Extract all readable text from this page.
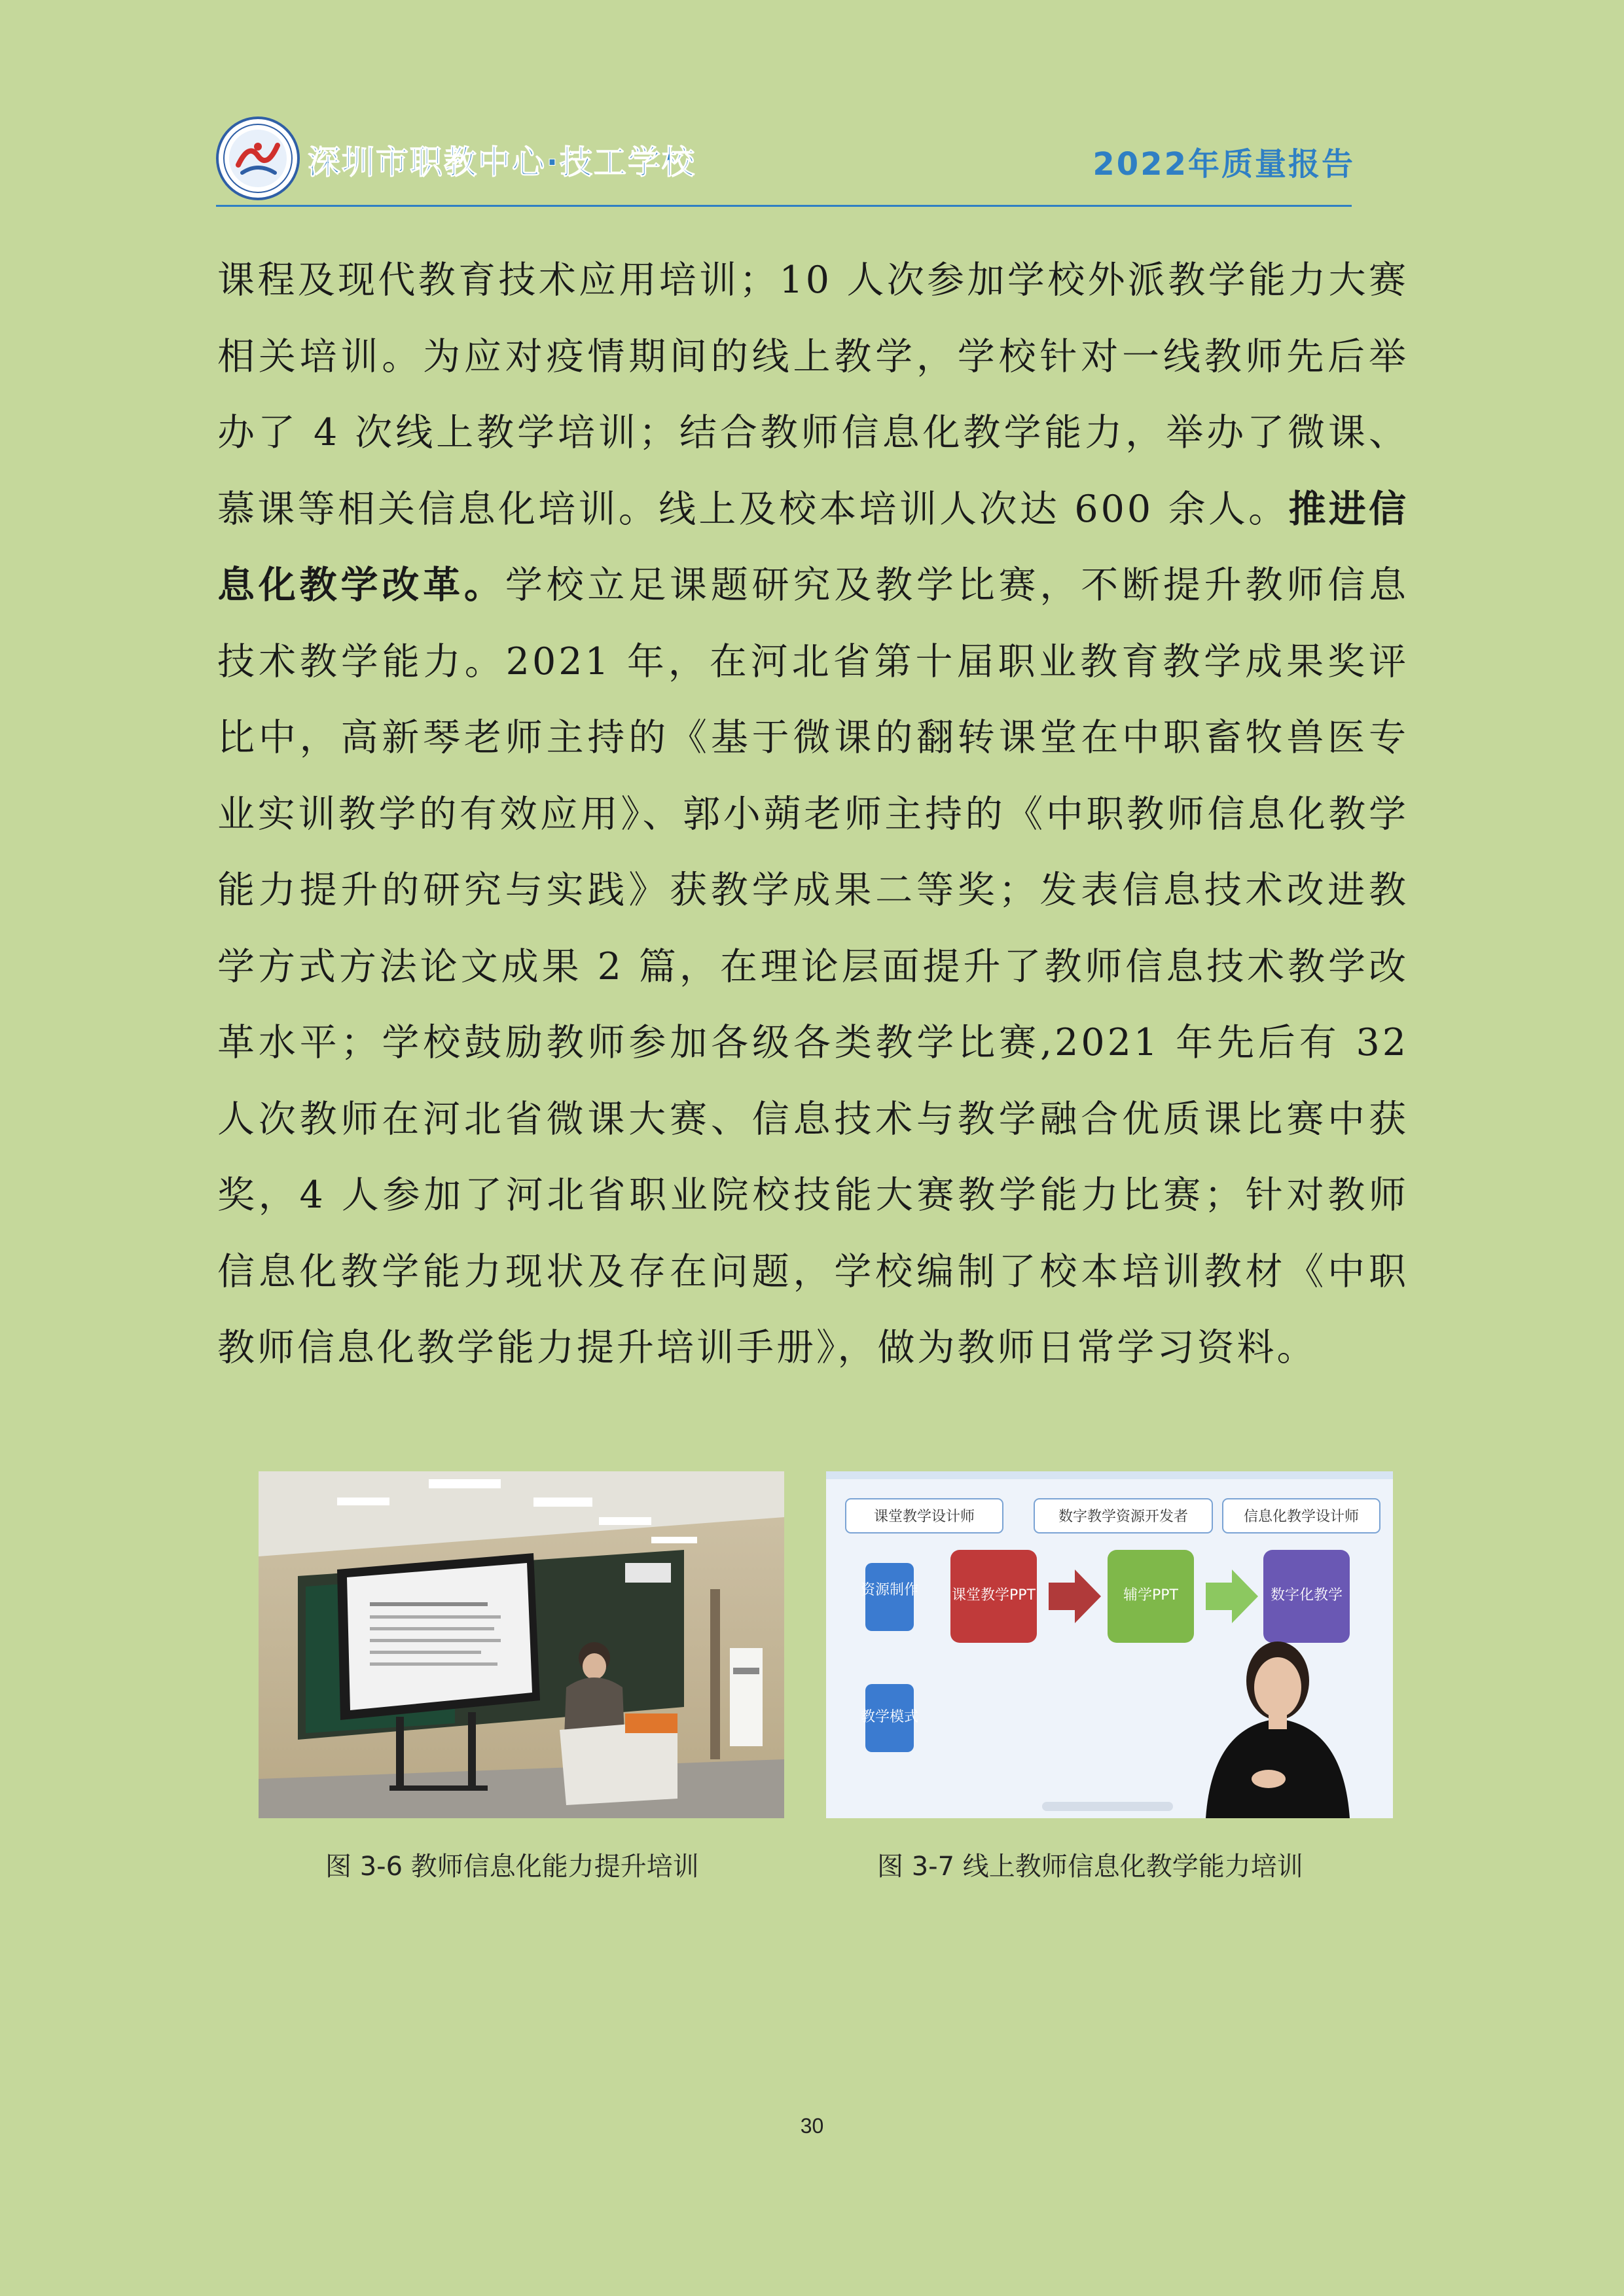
深圳市职教中心·技工学校	2022年质量报告

课程及现代教育技术应用培训；10 人次参加学校外派教学能力大赛相关培训。为应对疫情期间的线上教学，学校针对一线教师先后举办了 4 次线上教学培训；结合教师信息化教学能力，举办了微课、慕课等相关信息化培训。线上及校本培训人次达 600 余人。推进信息化教学改革。学校立足课题研究及教学比赛，不断提升教师信息技术教学能力。2021 年，在河北省第十届职业教育教学成果奖评比中，高新琴老师主持的《基于微课的翻转课堂在中职畜牧兽医专业实训教学的有效应用》、郭小蒴老师主持的《中职教师信息化教学能力提升的研究与实践》获教学成果二等奖；发表信息技术改进教学方式方法论文成果 2 篇，在理论层面提升了教师信息技术教学改革水平；学校鼓励教师参加各级各类教学比赛,2021 年先后有 32 人次教师在河北省微课大赛、信息技术与教学融合优质课比赛中获奖，4 人参加了河北省职业院校技能大赛教学能力比赛；针对教师信息化教学能力现状及存在问题，学校编制了校本培训教材《中职教师信息化教学能力提升培训手册》，做为教师日常学习资料。

课堂教学设计师	数字教学资源开发者	信息化教学设计师
资源制作
教学模式
课堂教学PPT	辅学PPT	数字化教学
图 3-6 教师信息化能力提升培训	图 3-7 线上教师信息化教学能力培训
30
